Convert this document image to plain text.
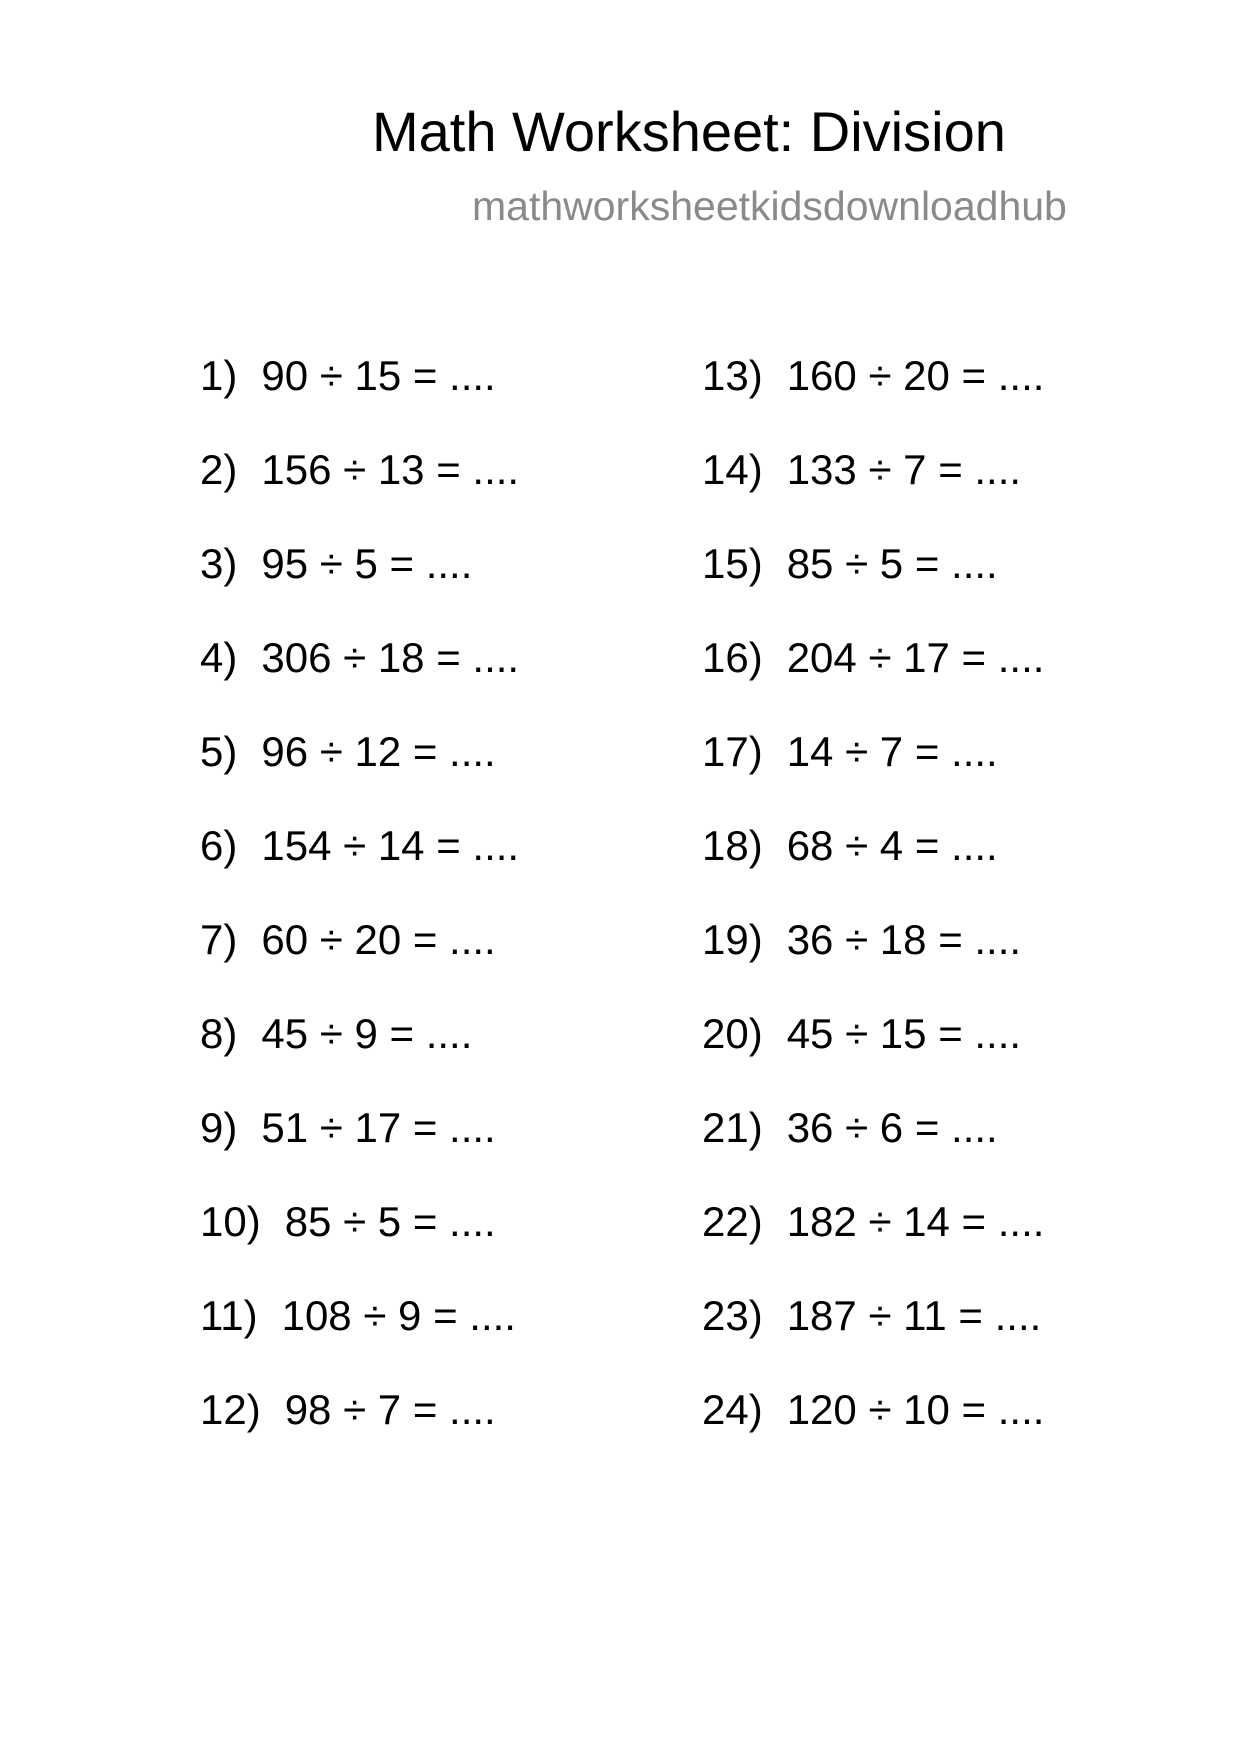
Math Worksheet: Division
mathworksheetkidsdownloadhub
1) 90 ÷ 15 = ....
2) 156 ÷ 13 = ....
3) 95 ÷ 5 = ....
4) 306 ÷ 18 = ....
5) 96 ÷ 12 = ....
6) 154 ÷ 14 = ....
7) 60 ÷ 20 = ....
8) 45 ÷ 9 = ....
9) 51 ÷ 17 = ....
10) 85 ÷ 5 = ....
11) 108 ÷ 9 = ....
12) 98 ÷ 7 = ....
13) 160 ÷ 20 = ....
14) 133 ÷ 7 = ....
15) 85 ÷ 5 = ....
16) 204 ÷ 17 = ....
17) 14 ÷ 7 = ....
18) 68 ÷ 4 = ....
19) 36 ÷ 18 = ....
20) 45 ÷ 15 = ....
21) 36 ÷ 6 = ....
22) 182 ÷ 14 = ....
23) 187 ÷ 11 = ....
24) 120 ÷ 10 = ....
